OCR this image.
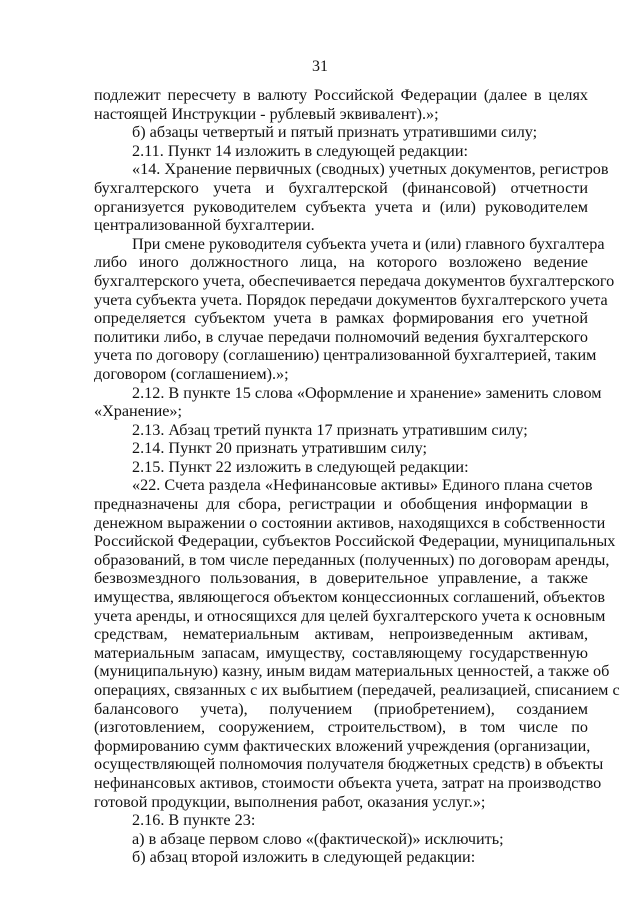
31
подлежит пересчету в валюту Российской Федерации (далее в целях
настоящей Инструкции - рублевый эквивалент).»;
б) абзацы четвертый и пятый признать утратившими силу;
2.11. Пункт 14 изложить в следующей редакции:
«14. Хранение первичных (сводных) учетных документов, регистров
бухгалтерского учета и бухгалтерской (финансовой) отчетности
организуется руководителем субъекта учета и (или) руководителем
централизованной бухгалтерии.
При смене руководителя субъекта учета и (или) главного бухгалтера
либо иного должностного лица, на которого возложено ведение
бухгалтерского учета, обеспечивается передача документов бухгалтерского
учета субъекта учета. Порядок передачи документов бухгалтерского учета
определяется субъектом учета в рамках формирования его учетной
политики либо, в случае передачи полномочий ведения бухгалтерского
учета по договору (соглашению) централизованной бухгалтерией, таким
договором (соглашением).»;
2.12. В пункте 15 слова «Оформление и хранение» заменить словом
«Хранение»;
2.13. Абзац третий пункта 17 признать утратившим силу;
2.14. Пункт 20 признать утратившим силу;
2.15. Пункт 22 изложить в следующей редакции:
«22. Счета раздела «Нефинансовые активы» Единого плана счетов
предназначены для сбора, регистрации и обобщения информации в
денежном выражении о состоянии активов, находящихся в собственности
Российской Федерации, субъектов Российской Федерации, муниципальных
образований, в том числе переданных (полученных) по договорам аренды,
безвозмездного пользования, в доверительное управление, а также
имущества, являющегося объектом концессионных соглашений, объектов
учета аренды, и относящихся для целей бухгалтерского учета к основным
средствам, нематериальным активам, непроизведенным активам,
материальным запасам, имуществу, составляющему государственную
(муниципальную) казну, иным видам материальных ценностей, а также об
операциях, связанных с их выбытием (передачей, реализацией, списанием с
балансового учета), получением (приобретением), созданием
(изготовлением, сооружением, строительством), в том числе по
формированию сумм фактических вложений учреждения (организации,
осуществляющей полномочия получателя бюджетных средств) в объекты
нефинансовых активов, стоимости объекта учета, затрат на производство
готовой продукции, выполнения работ, оказания услуг.»;
2.16. В пункте 23:
а) в абзаце первом слово «(фактической)» исключить;
б) абзац второй изложить в следующей редакции:
